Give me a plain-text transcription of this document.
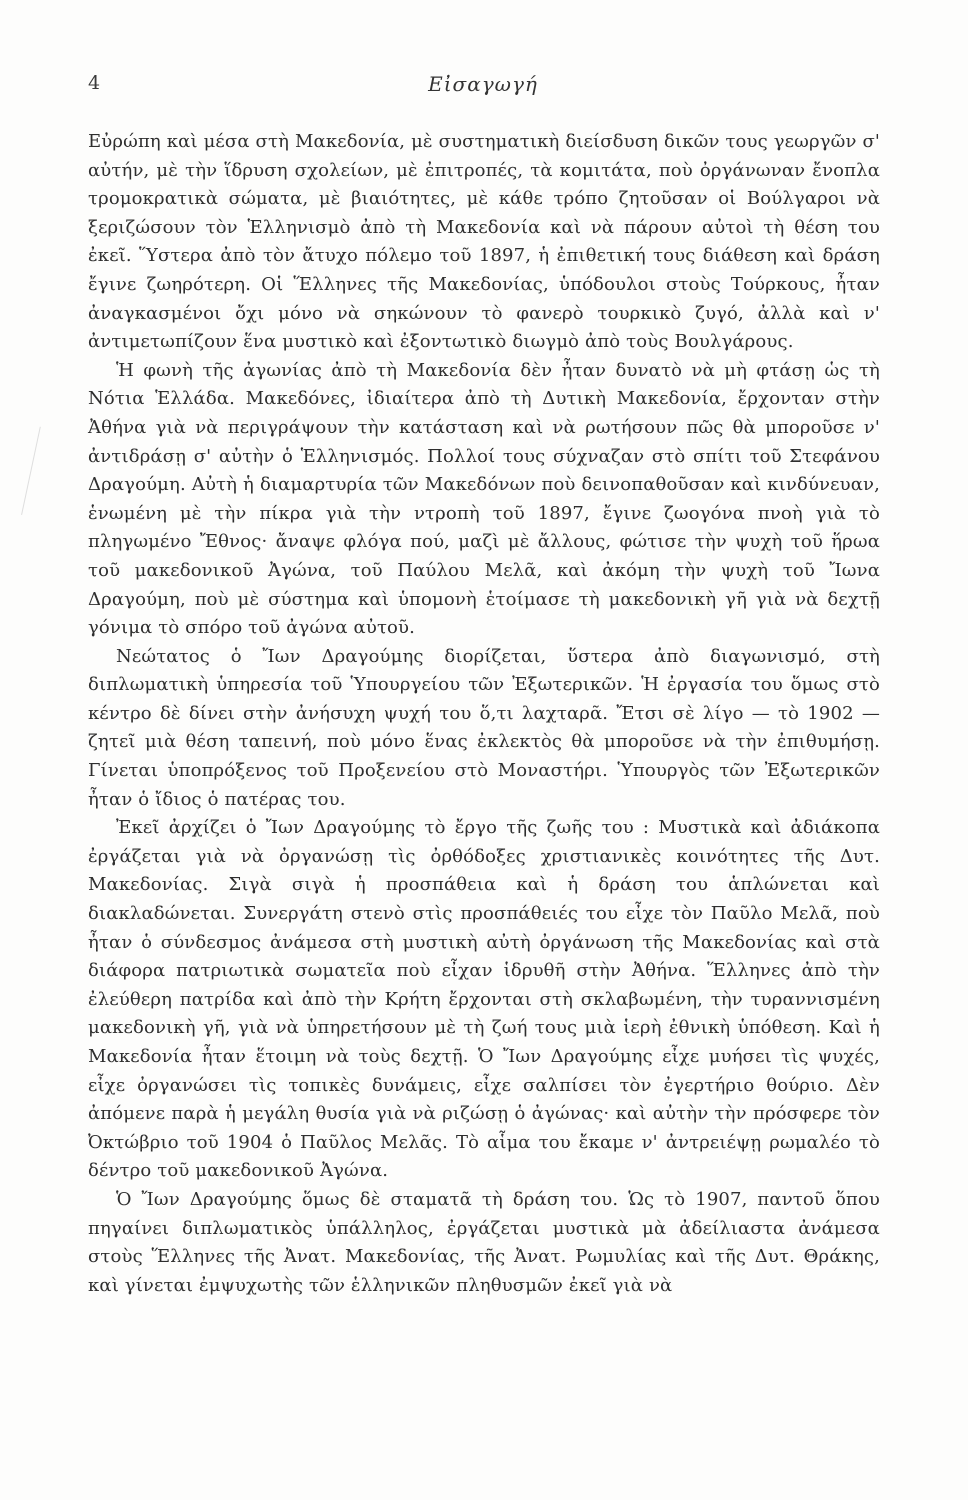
4	Εἰσαγωγή

Εὐρώπη καὶ μέσα στὴ Μακεδονία, μὲ συστηματικὴ διείσδυση δικῶν τους γεωργῶν σ' αὐτήν, μὲ τὴν ἵδρυση σχολείων, μὲ ἐπιτροπές, τὰ κομιτάτα, ποὺ ὀργάνωναν ἔνοπλα τρομοκρατικὰ σώματα, μὲ βιαιότητες, μὲ κάθε τρόπο ζητοῦσαν οἱ Βούλγαροι νὰ ξεριζώσουν τὸν Ἑλληνισμὸ ἀπὸ τὴ Μακεδονία καὶ νὰ πάρουν αὐτοὶ τὴ θέση του ἐκεῖ. Ὕστερα ἀπὸ τὸν ἄτυχο πόλεμο τοῦ 1897, ἡ ἐπιθετική τους διάθεση καὶ δράση ἔγινε ζωηρότερη. Οἱ Ἕλληνες τῆς Μακεδονίας, ὑπόδουλοι στοὺς Τούρκους, ἦταν ἀναγκασμένοι ὄχι μόνο νὰ σηκώνουν τὸ φανερὸ τουρκικὸ ζυγό, ἀλλὰ καὶ ν' ἀντιμετωπίζουν ἕνα μυστικὸ καὶ ἐξοντωτικὸ διωγμὸ ἀπὸ τοὺς Βουλγάρους.

Ἡ φωνὴ τῆς ἀγωνίας ἀπὸ τὴ Μακεδονία δὲν ἦταν δυνατὸ νὰ μὴ φτάσῃ ὡς τὴ Νότια Ἑλλάδα. Μακεδόνες, ἰδιαίτερα ἀπὸ τὴ Δυτικὴ Μακεδονία, ἔρχονταν στὴν Ἀθήνα γιὰ νὰ περιγράψουν τὴν κατάσταση καὶ νὰ ρωτήσουν πῶς θὰ μποροῦσε ν' ἀντιδράσῃ σ' αὐτὴν ὁ Ἑλληνισμός. Πολλοί τους σύχναζαν στὸ σπίτι τοῦ Στεφάνου Δραγούμη. Αὐτὴ ἡ διαμαρτυρία τῶν Μακεδόνων ποὺ δεινοπαθοῦσαν καὶ κινδύνευαν, ἑνωμένη μὲ τὴν πίκρα γιὰ τὴν ντροπὴ τοῦ 1897, ἔγινε ζωογόνα πνοὴ γιὰ τὸ πληγωμένο Ἔθνος· ἄναψε φλόγα πού, μαζὶ μὲ ἄλλους, φώτισε τὴν ψυχὴ τοῦ ἥρωα τοῦ μακεδονικοῦ Ἀγώνα, τοῦ Παύλου Μελᾶ, καὶ ἀκόμη τὴν ψυχὴ τοῦ Ἴωνα Δραγούμη, ποὺ μὲ σύστημα καὶ ὑπομονὴ ἑτοίμασε τὴ μακεδονικὴ γῆ γιὰ νὰ δεχτῇ γόνιμα τὸ σπόρο τοῦ ἀγώνα αὐτοῦ.

Νεώτατος ὁ Ἴων Δραγούμης διορίζεται, ὕστερα ἀπὸ διαγωνισμό, στὴ διπλωματικὴ ὑπηρεσία τοῦ Ὑπουργείου τῶν Ἐξωτερικῶν. Ἡ ἐργασία του ὅμως στὸ κέντρο δὲ δίνει στὴν ἀνήσυχη ψυχή του ὅ,τι λαχταρᾶ. Ἔτσι σὲ λίγο — τὸ 1902 — ζητεῖ μιὰ θέση ταπεινή, ποὺ μόνο ἕνας ἐκλεκτὸς θὰ μποροῦσε νὰ τὴν ἐπιθυμήσῃ. Γίνεται ὑποπρόξενος τοῦ Προξενείου στὸ Μοναστήρι. Ὑπουργὸς τῶν Ἐξωτερικῶν ἦταν ὁ ἴδιος ὁ πατέρας του.

Ἐκεῖ ἀρχίζει ὁ Ἴων Δραγούμης τὸ ἔργο τῆς ζωῆς του : Μυστικὰ καὶ ἀδιάκοπα ἐργάζεται γιὰ νὰ ὀργανώσῃ τὶς ὀρθόδοξες χριστιανικὲς κοινότητες τῆς Δυτ. Μακεδονίας. Σιγὰ σιγὰ ἡ προσπάθεια καὶ ἡ δράση του ἁπλώνεται καὶ διακλαδώνεται. Συνεργάτη στενὸ στὶς προσπάθειές του εἶχε τὸν Παῦλο Μελᾶ, ποὺ ἦταν ὁ σύνδεσμος ἀνάμεσα στὴ μυστικὴ αὐτὴ ὀργάνωση τῆς Μακεδονίας καὶ στὰ διάφορα πατριωτικὰ σωματεῖα ποὺ εἶχαν ἱδρυθῆ στὴν Ἀθήνα. Ἕλληνες ἀπὸ τὴν ἐλεύθερη πατρίδα καὶ ἀπὸ τὴν Κρήτη ἔρχονται στὴ σκλαβωμένη, τὴν τυραννισμένη μακεδονικὴ γῆ, γιὰ νὰ ὑπηρετήσουν μὲ τὴ ζωή τους μιὰ ἱερὴ ἐθνικὴ ὑπόθεση. Καὶ ἡ Μακεδονία ἦταν ἕτοιμη νὰ τοὺς δεχτῇ. Ὁ Ἴων Δραγούμης εἶχε μυήσει τὶς ψυχές, εἶχε ὀργανώσει τὶς τοπικὲς δυνάμεις, εἶχε σαλπίσει τὸν ἐγερτήριο θούριο. Δὲν ἀπόμενε παρὰ ἡ μεγάλη θυσία γιὰ νὰ ριζώσῃ ὁ ἀγώνας· καὶ αὐτὴν τὴν πρόσφερε τὸν Ὀκτώβριο τοῦ 1904 ὁ Παῦλος Μελᾶς. Τὸ αἷμα του ἔκαμε ν' ἀντρειέψῃ ρωμαλέο τὸ δέντρο τοῦ μακεδονικοῦ Ἀγώνα.

Ὁ Ἴων Δραγούμης ὅμως δὲ σταματᾶ τὴ δράση του. Ὡς τὸ 1907, παντοῦ ὅπου πηγαίνει διπλωματικὸς ὑπάλληλος, ἐργάζεται μυστικὰ μὰ ἀδείλιαστα ἀνάμεσα στοὺς Ἕλληνες τῆς Ἀνατ. Μακεδονίας, τῆς Ἀνατ. Ρωμυλίας καὶ τῆς Δυτ. Θράκης, καὶ γίνεται ἐμψυχωτὴς τῶν ἑλληνικῶν πληθυσμῶν ἐκεῖ γιὰ νὰ
